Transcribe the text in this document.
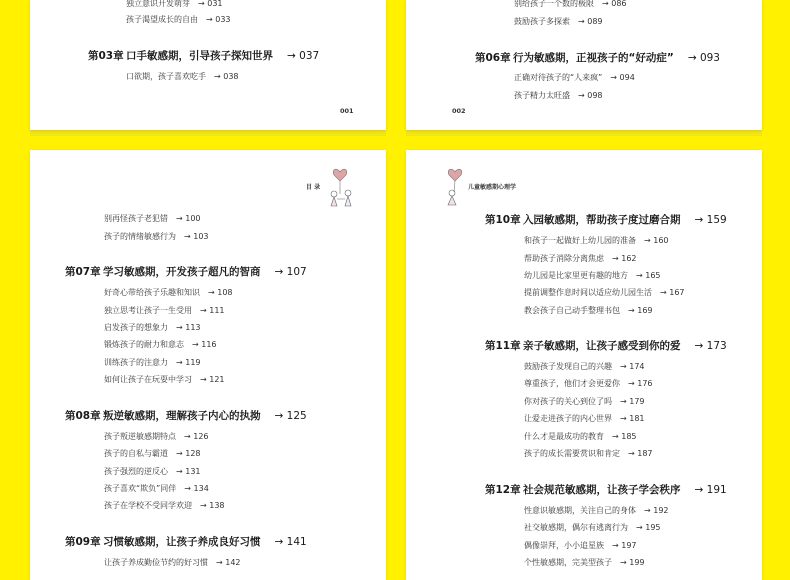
独立意识开发萌芽 → 031
孩子渴望成长的自由 → 033
第03章 口手敏感期，引导孩子探知世界 → 037
口欲期，孩子喜欢吃手 → 038
001
别给孩子一个数的极限 → 086
鼓励孩子多探索 → 089
第06章 行为敏感期，正视孩子的“好动症” → 093
正确对待孩子的“人来疯” → 094
孩子精力太旺盛 → 098
002
目 录
别再怪孩子老犯错 → 100
孩子的情绪敏感行为 → 103
第07章 学习敏感期，开发孩子超凡的智商 → 107
好奇心带给孩子乐趣和知识 → 108
独立思考让孩子一生受用 → 111
启发孩子的想象力 → 113
锻炼孩子的耐力和意志 → 116
训练孩子的注意力 → 119
如何让孩子在玩耍中学习 → 121
第08章 叛逆敏感期，理解孩子内心的执拗 → 125
孩子叛逆敏感期特点 → 126
孩子的自私与霸道 → 128
孩子强烈的逆反心 → 131
孩子喜欢“欺负”同伴 → 134
孩子在学校不受同学欢迎 → 138
第09章 习惯敏感期，让孩子养成良好习惯 → 141
让孩子养成勤俭节约的好习惯 → 142
儿童敏感期心理学
第10章 入园敏感期，帮助孩子度过磨合期 → 159
和孩子一起做好上幼儿园的准备 → 160
帮助孩子消除分离焦虑 → 162
幼儿园是比家里更有趣的地方 → 165
提前调整作息时间以适应幼儿园生活 → 167
教会孩子自己动手整理书包 → 169
第11章 亲子敏感期，让孩子感受到你的爱 → 173
鼓励孩子发现自己的兴趣 → 174
尊重孩子，他们才会更爱你 → 176
你对孩子的关心到位了吗 → 179
让爱走进孩子的内心世界 → 181
什么才是最成功的教育 → 185
孩子的成长需要赏识和肯定 → 187
第12章 社会规范敏感期，让孩子学会秩序 → 191
性意识敏感期，关注自己的身体 → 192
社交敏感期，偶尔有逃离行为 → 195
偶像崇拜，小小追星族 → 197
个性敏感期，完美型孩子 → 199
